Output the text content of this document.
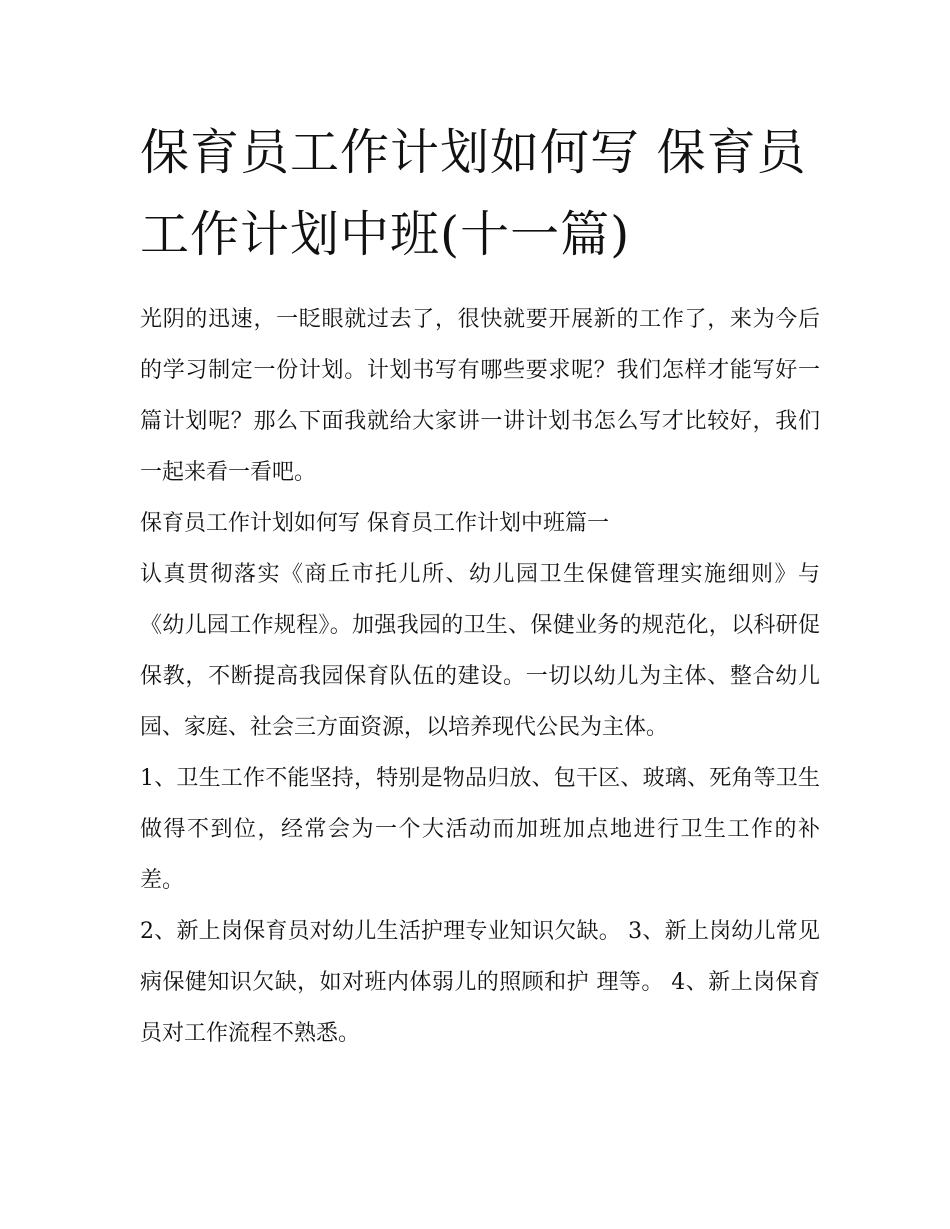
保育员工作计划如何写 保育员工作计划中班(十一篇)

光阴的迅速，一眨眼就过去了，很快就要开展新的工作了，来为今后的学习制定一份计划。计划书写有哪些要求呢？我们怎样才能写好一篇计划呢？那么下面我就给大家讲一讲计划书怎么写才比较好，我们一起来看一看吧。

保育员工作计划如何写 保育员工作计划中班篇一

认真贯彻落实《商丘市托儿所、幼儿园卫生保健管理实施细则》与《幼儿园工作规程》。加强我园的卫生、保健业务的规范化，以科研促保教，不断提高我园保育队伍的建设。一切以幼儿为主体、整合幼儿园、家庭、社会三方面资源，以培养现代公民为主体。

1、卫生工作不能坚持，特别是物品归放、包干区、玻璃、死角等卫生做得不到位，经常会为一个大活动而加班加点地进行卫生工作的补差。

2、新上岗保育员对幼儿生活护理专业知识欠缺。 3、新上岗幼儿常见病保健知识欠缺，如对班内体弱儿的照顾和护 理等。 4、新上岗保育员对工作流程不熟悉。
